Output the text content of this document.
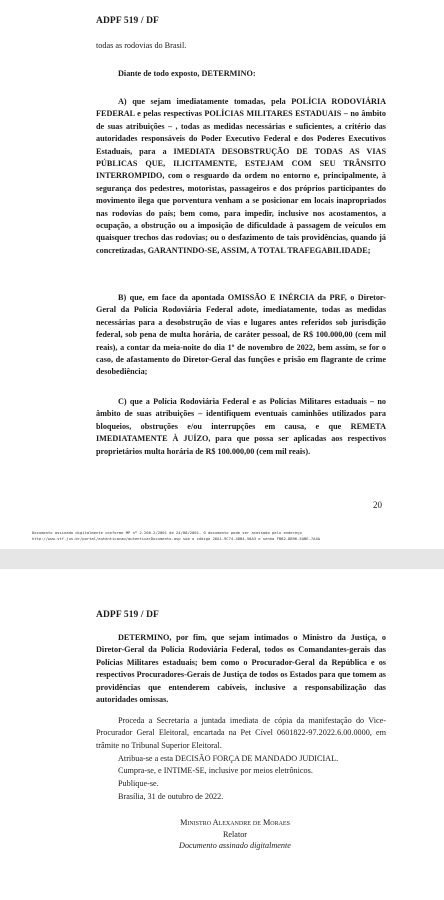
ADPF 519 / DF

todas as rodovias do Brasil.

Diante de todo exposto, DETERMINO:

A) que sejam imediatamente tomadas, pela POLÍCIA RODOVIÁRIA FEDERAL e pelas respectivas POLÍCIAS MILITARES ESTADUAIS – no âmbito de suas atribuições – , todas as medidas necessárias e suficientes, a critério das autoridades responsáveis do Poder Executivo Federal e dos Poderes Executivos Estaduais, para a IMEDIATA DESOBSTRUÇÃO DE TODAS AS VIAS PÚBLICAS QUE, ILICITAMENTE, ESTEJAM COM SEU TRÂNSITO INTERROMPIDO, com o resguardo da ordem no entorno e, principalmente, à segurança dos pedestres, motoristas, passageiros e dos próprios participantes do movimento ilega que porventura venham a se posicionar em locais inapropriados nas rodovias do país; bem como, para impedir, inclusive nos acostamentos, a ocupação, a obstrução ou a imposição de dificuldade à passagem de veículos em quaisquer trechos das rodovias; ou o desfazimento de tais providências, quando já concretizadas, GARANTINDO-SE, ASSIM, A TOTAL TRAFEGABILIDADE;

B) que, em face da apontada OMISSÃO E INÉRCIA da PRF, o Diretor-Geral da Polícia Rodoviária Federal adote, imediatamente, todas as medidas necessárias para a desobstrução de vias e lugares antes referidos sob jurisdição federal, sob pena de multa horária, de caráter pessoal, de R$ 100.000,00 (cem mil reais), a contar da meia-noite do dia 1º de novembro de 2022, bem assim, se for o caso, de afastamento do Diretor-Geral das funções e prisão em flagrante de crime desobediência;

C) que a Polícia Rodoviária Federal e as Polícias Militares estaduais – no âmbito de suas atribuições – identifiquem eventuais caminhões utilizados para bloqueios, obstruções e/ou interrupções em causa, e que REMETA IMEDIATAMENTE À JUÍZO, para que possa ser aplicadas aos respectivos proprietários multa horária de R$ 100.000,00 (cem mil reais).

20
Documento assinado digitalmente conforme MP nº 2.200-2/2001 de 24/08/2001. O documento pode ser acessado pelo endereço
http://www.stf.jus.br/portal/autenticacao/autenticarDocumento.asp sob o código 26A1-9C74-4DB4-58A3 e senha FB82-DB96-EABE-7A4A
ADPF 519 / DF

DETERMINO, por fim, que sejam intimados o Ministro da Justiça, o Diretor-Geral da Polícia Rodoviária Federal, todos os Comandantes-gerais das Polícias Militares estaduais; bem como o Procurador-Geral da República e os respectivos Procuradores-Gerais de Justiça de todos os Estados para que tomem as providências que entenderem cabíveis, inclusive a responsabilização das autoridades omissas.

Proceda a Secretaria a juntada imediata de cópia da manifestação do Vice-Procurador Geral Eleitoral, encartada na Pet Cível 0601822-97.2022.6.00.0000, em trâmite no Tribunal Superior Eleitoral.

Atribua-se a esta DECISÃO FORÇA DE MANDADO JUDICIAL.

Cumpra-se, e INTIME-SE, inclusive por meios eletrônicos.

Publique-se.

Brasília, 31 de outubro de 2022.

Ministro Alexandre de Moraes
Relator
Documento assinado digitalmente
